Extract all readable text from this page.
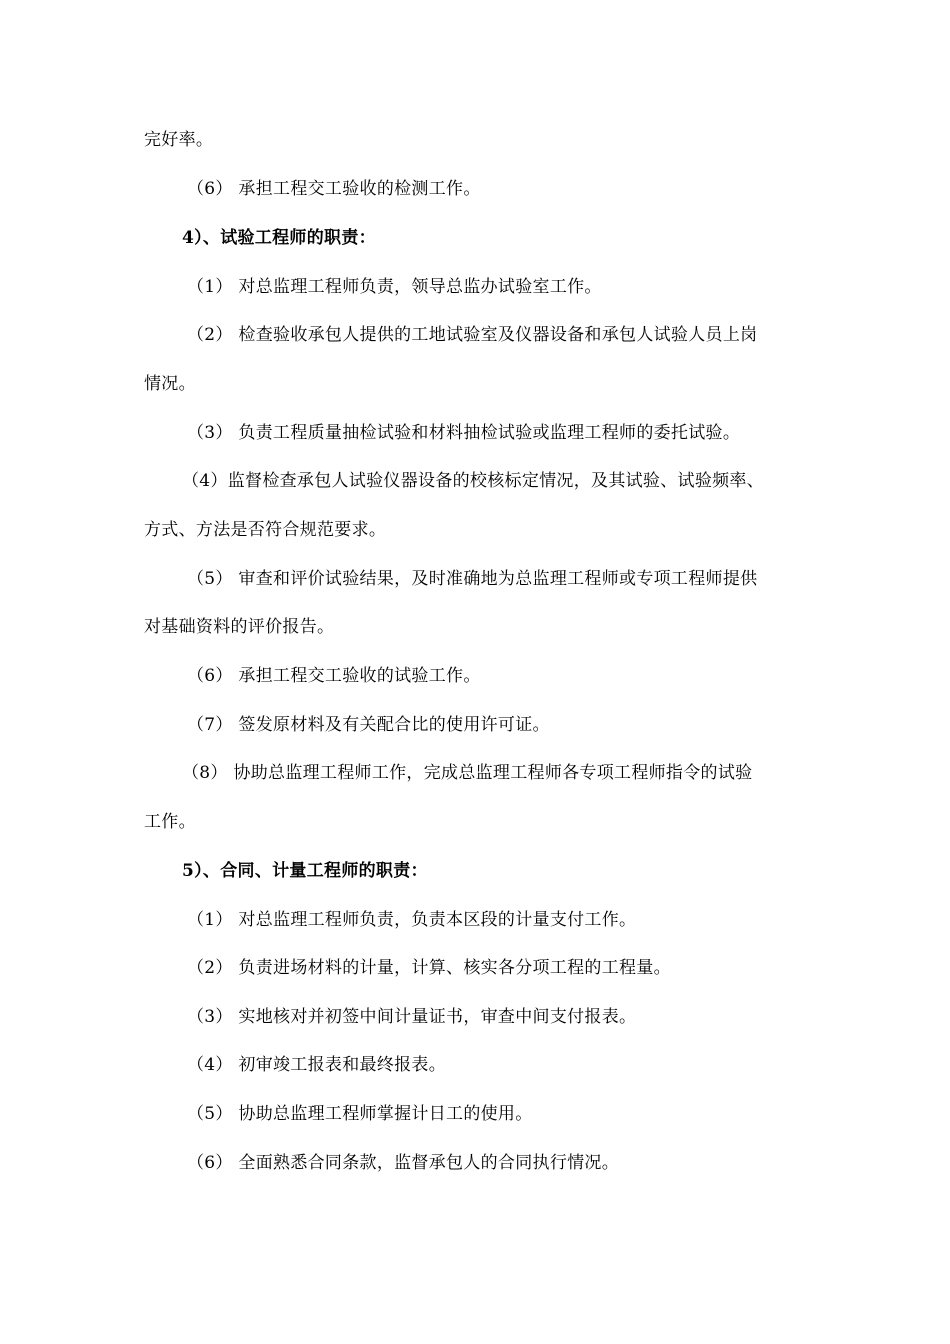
完好率。
（6） 承担工程交工验收的检测工作。
4）、试验工程师的职责：
（1） 对总监理工程师负责，领导总监办试验室工作。
（2） 检查验收承包人提供的工地试验室及仪器设备和承包人试验人员上岗
情况。
（3） 负责工程质量抽检试验和材料抽检试验或监理工程师的委托试验。
（4）监督检查承包人试验仪器设备的校核标定情况，及其试验、试验频率、
方式、方法是否符合规范要求。
（5） 审查和评价试验结果，及时准确地为总监理工程师或专项工程师提供
对基础资料的评价报告。
（6） 承担工程交工验收的试验工作。
（7） 签发原材料及有关配合比的使用许可证。
（8） 协助总监理工程师工作，完成总监理工程师各专项工程师指令的试验
工作。
5）、合同、计量工程师的职责：
（1） 对总监理工程师负责，负责本区段的计量支付工作。
（2） 负责进场材料的计量，计算、核实各分项工程的工程量。
（3） 实地核对并初签中间计量证书，审查中间支付报表。
（4） 初审竣工报表和最终报表。
（5） 协助总监理工程师掌握计日工的使用。
（6） 全面熟悉合同条款，监督承包人的合同执行情况。
